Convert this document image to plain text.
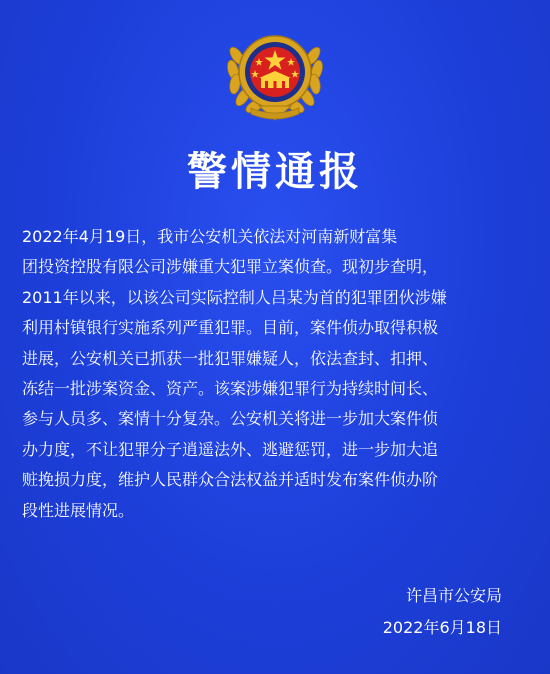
警情通报
2022年4月19日，我市公安机关依法对河南新财富集
团投资控股有限公司涉嫌重大犯罪立案侦查。现初步查明，
2011年以来，以该公司实际控制人吕某为首的犯罪团伙涉嫌
利用村镇银行实施系列严重犯罪。目前，案件侦办取得积极
进展，公安机关已抓获一批犯罪嫌疑人，依法查封、扣押、
冻结一批涉案资金、资产。该案涉嫌犯罪行为持续时间长、
参与人员多、案情十分复杂。公安机关将进一步加大案件侦
办力度，不让犯罪分子逍遥法外、逃避惩罚，进一步加大追
赃挽损力度，维护人民群众合法权益并适时发布案件侦办阶
段性进展情况。
许昌市公安局
2022年6月18日
